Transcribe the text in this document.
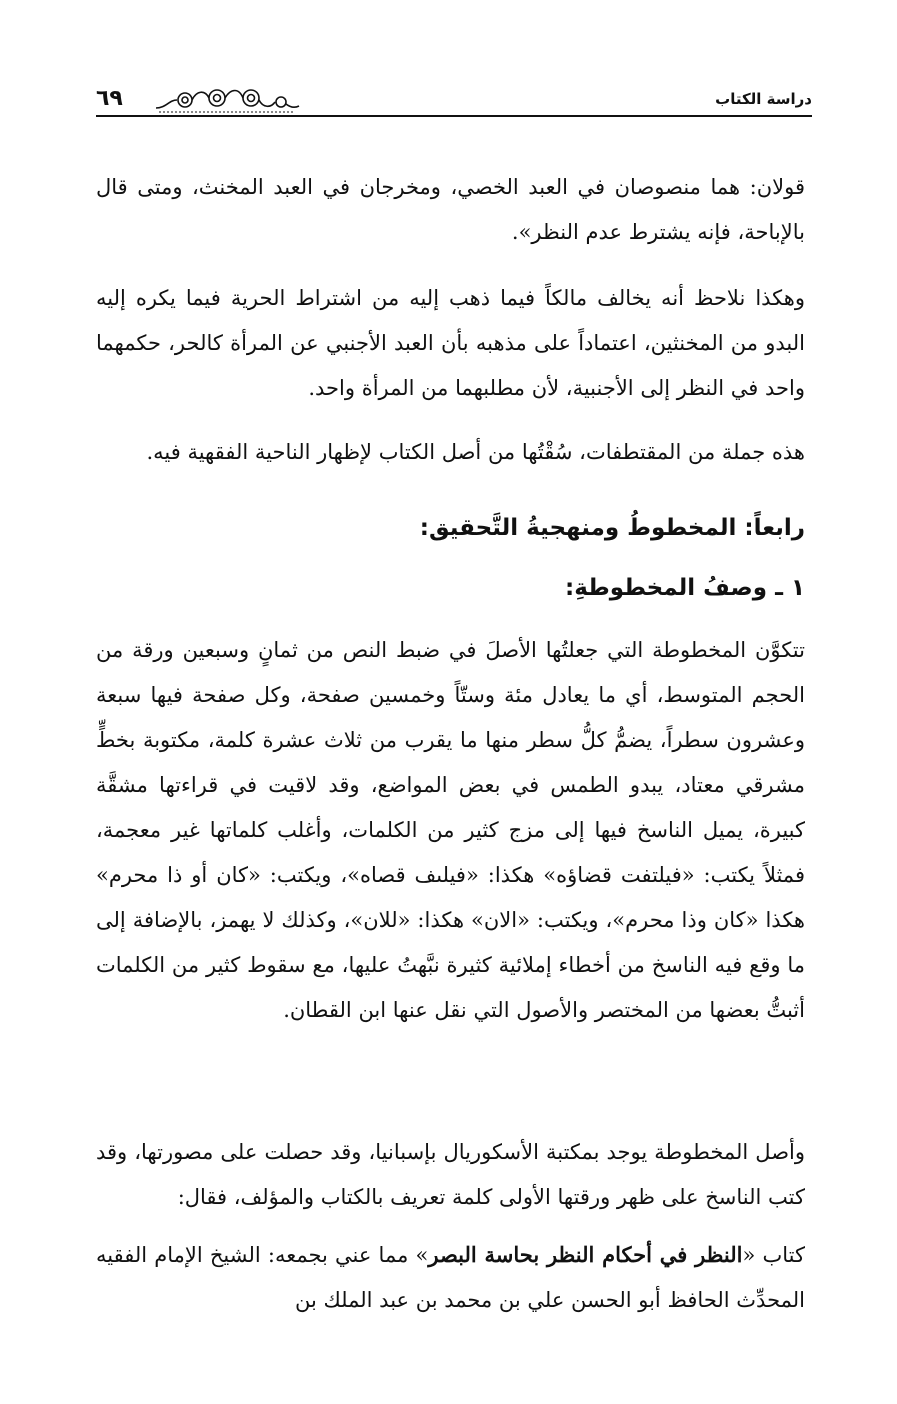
٦٩	دراسة الكتاب

قولان: هما منصوصان في العبد الخصي، ومخرجان في العبد المخنث، ومتى قال بالإباحة، فإنه يشترط عدم النظر».

وهكذا نلاحظ أنه يخالف مالكاً فيما ذهب إليه من اشتراط الحرية فيما يكره إليه البدو من المخنثين، اعتماداً على مذهبه بأن العبد الأجنبي عن المرأة كالحر، حكمهما واحد في النظر إلى الأجنبية، لأن مطلبهما من المرأة واحد.

هذه جملة من المقتطفات، سُقْتُها من أصل الكتاب لإظهار الناحية الفقهية فيه.

رابعاً: المخطوطُ ومنهجيةُ التَّحقيق:
١ ـ وصفُ المخطوطةِ:

تتكوَّن المخطوطة التي جعلتُها الأصلَ في ضبط النص من ثمانٍ وسبعين ورقة من الحجم المتوسط، أي ما يعادل مئة وستّاً وخمسين صفحة، وكل صفحة فيها سبعة وعشرون سطراً، يضمُّ كلُّ سطر منها ما يقرب من ثلاث عشرة كلمة، مكتوبة بخطٍّ مشرقي معتاد، يبدو الطمس في بعض المواضع، وقد لاقيت في قراءتها مشقَّة كبيرة، يميل الناسخ فيها إلى مزج كثير من الكلمات، وأغلب كلماتها غير معجمة، فمثلاً يكتب: «فيلتفت قضاؤه» هكذا: «فيلىف قصاه»، ويكتب: «كان أو ذا محرم» هكذا «كان وذا محرم»، ويكتب: «الان» هكذا: «للان»، وكذلك لا يهمز، بالإضافة إلى ما وقع فيه الناسخ من أخطاء إملائية كثيرة نبَّهتُ عليها، مع سقوط كثير من الكلمات أثبتُّ بعضها من المختصر والأصول التي نقل عنها ابن القطان.

وأصل المخطوطة يوجد بمكتبة الأسكوريال بإسبانيا، وقد حصلت على مصورتها، وقد كتب الناسخ على ظهر ورقتها الأولى كلمة تعريف بالكتاب والمؤلف، فقال:

كتاب «النظر في أحكام النظر بحاسة البصر» مما عني بجمعه: الشيخ الإمام الفقيه المحدِّث الحافظ أبو الحسن علي بن محمد بن عبد الملك بن
